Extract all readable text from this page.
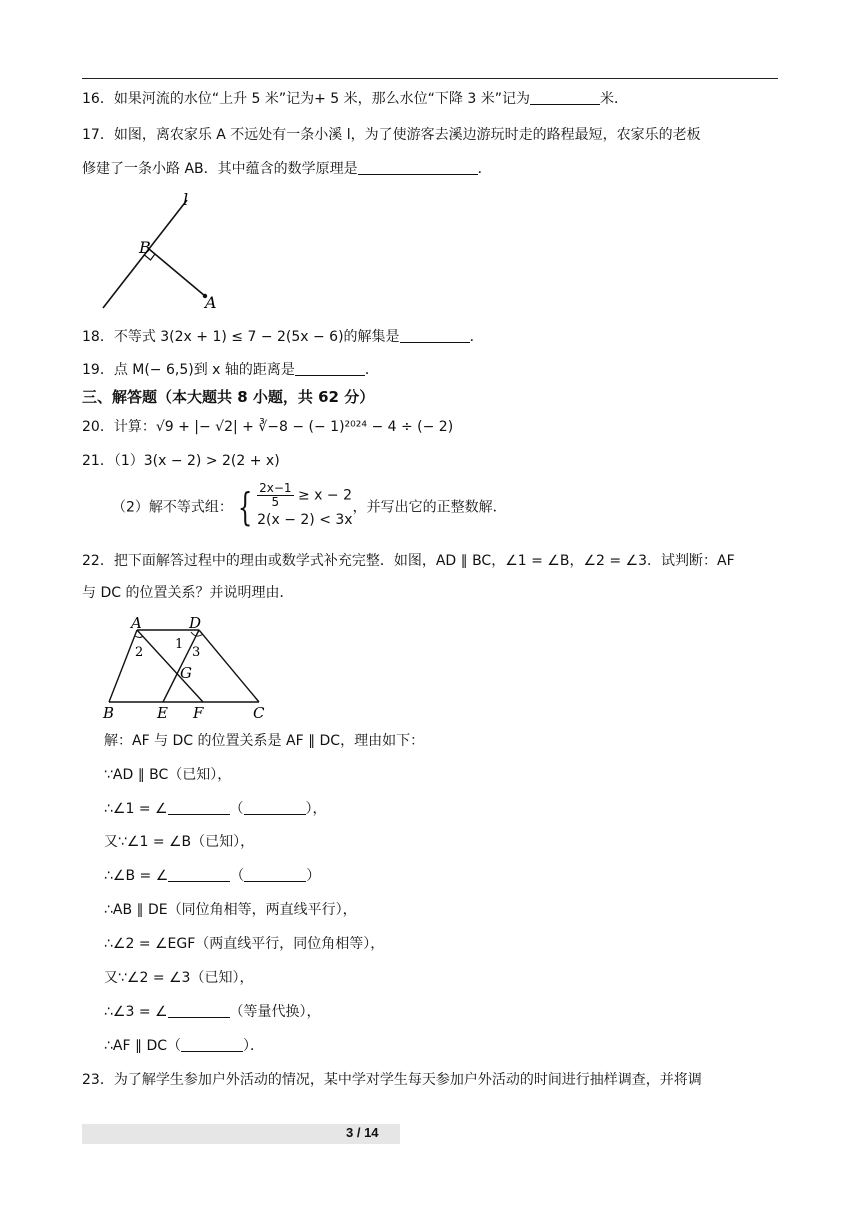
16．如果河流的水位“上升 5 米”记为+ 5 米，那么水位“下降 3 米”记为	米．
17．如图，离农家乐 A 不远处有一条小溪 l，为了使游客去溪边游玩时走的路程最短，农家乐的老板
修建了一条小路 AB．其中蕴含的数学原理是	．
l
B
A
18．不等式 3(2x + 1) ≤ 7 − 2(5x − 6)的解集是	．
19．点 M(− 6,5)到 x 轴的距离是	．
三、解答题（本大题共 8 小题，共 62 分）
20．计算：√9 + |− √2| + ∛−8 − (− 1)²⁰²⁴ − 4 ÷ (− 2)
21．（1）3(x − 2) > 2(2 + x)
（2）解不等式组： { $\frac{2x-1}{5} \ge x - 2$
2(x − 2) < 3x
，并写出它的正整数解．
22．把下面解答过程中的理由或数学式补充完整．如图，AD ∥ BC，∠1 = ∠B，∠2 = ∠3．试判断：AF
与 DC 的位置关系？并说明理由．
A	D
B	E F	C
G
1
2	3
解：AF 与 DC 的位置关系是 AF ∥ DC，理由如下：
∵AD ∥ BC（已知），
∴∠1 = ∠	（	），
又∵∠1 = ∠B（已知），
∴∠B = ∠	（	）
∴AB ∥ DE（同位角相等，两直线平行），
∴∠2 = ∠EGF（两直线平行，同位角相等），
又∵∠2 = ∠3（已知），
∴∠3 = ∠	（等量代换），
∴AF ∥ DC（	）．
23．为了解学生参加户外活动的情况，某中学对学生每天参加户外活动的时间进行抽样调查，并将调
3 / 14
